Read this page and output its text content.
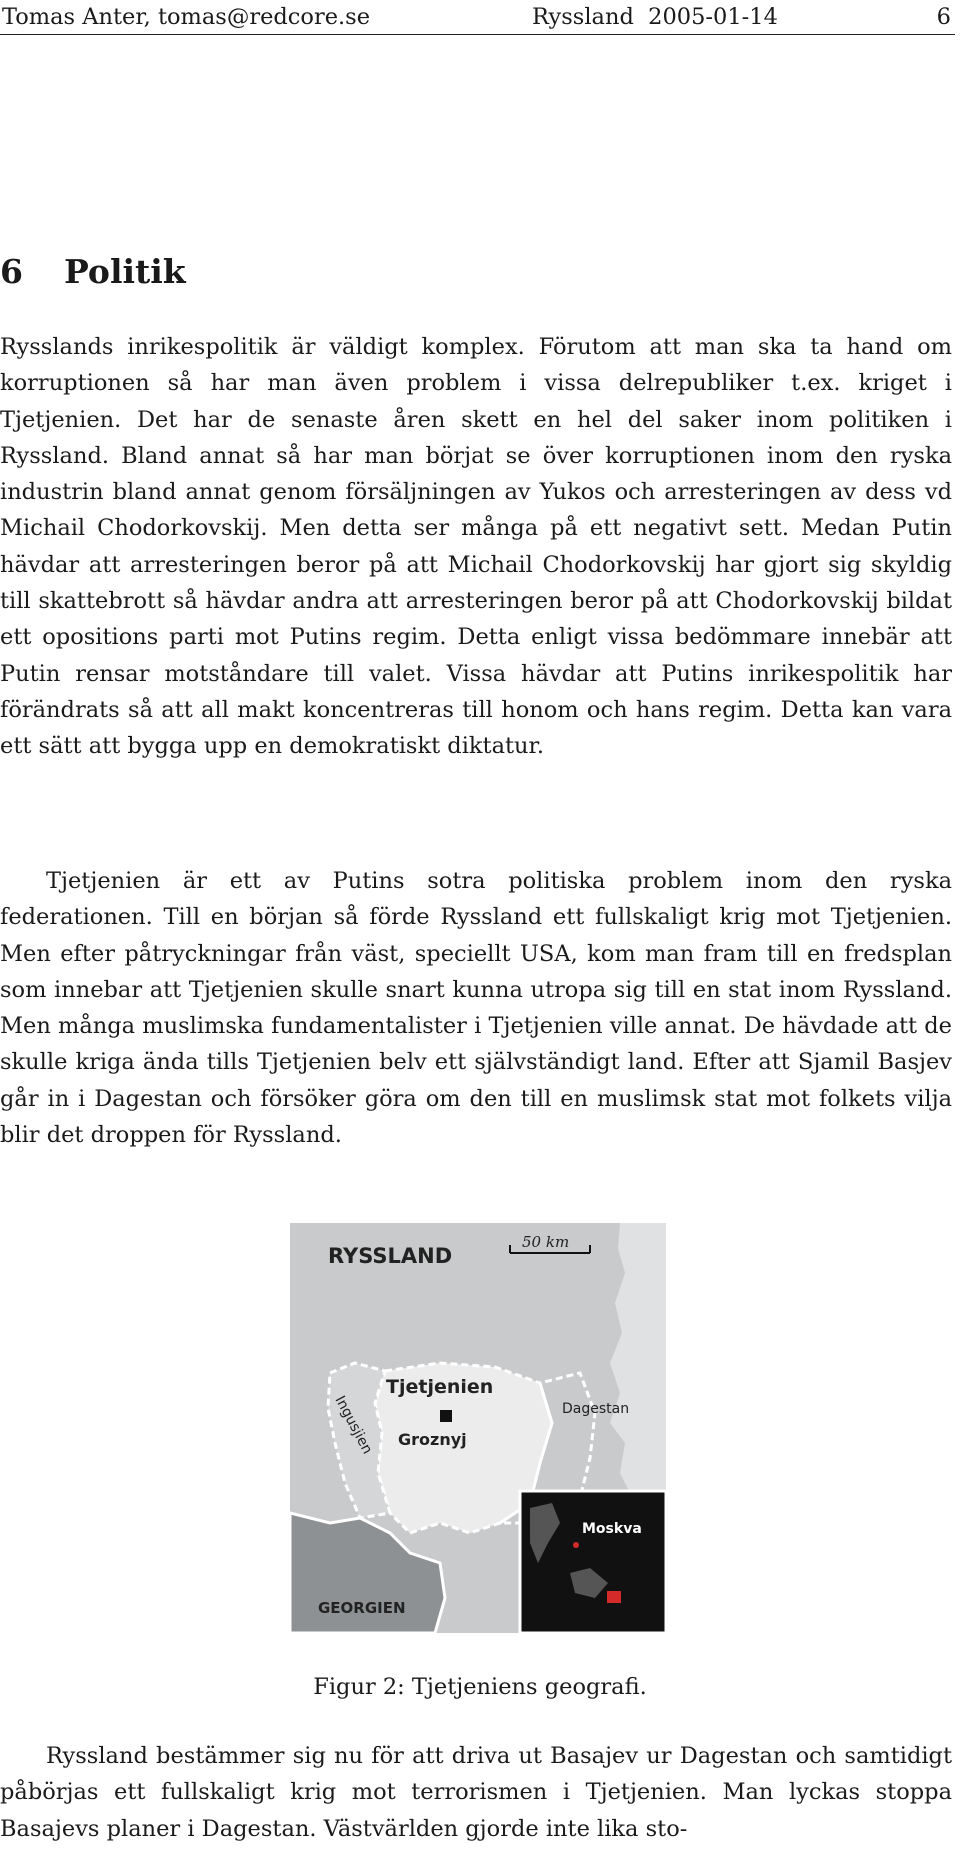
Tomas Anter, tomas@redcore.se	Ryssland 2005-01-14	6
6 Politik

Rysslands inrikespolitik är väldigt komplex. Förutom att man ska ta hand om korruptionen så har man även problem i vissa delrepubliker t.ex. kriget i Tjetjenien. Det har de senaste åren skett en hel del saker inom politiken i Ryssland. Bland annat så har man börjat se över korruptionen inom den ryska industrin bland annat genom försäljningen av Yukos och arresteringen av dess vd Michail Chodorkovskij. Men detta ser många på ett negativt sett. Medan Putin hävdar att arresteringen beror på att Michail Chodorkovskij har gjort sig skyldig till skattebrott så hävdar andra att arresteringen beror på att Chodorkovskij bildat ett opositions parti mot Putins regim. Detta enligt vissa bedömmare innebär att Putin rensar motståndare till valet. Vissa hävdar att Putins inrikespolitik har förändrats så att all makt koncentreras till honom och hans regim. Detta kan vara ett sätt att bygga upp en demokratiskt diktatur.

Tjetjenien är ett av Putins sotra politiska problem inom den ryska federationen. Till en början så förde Ryssland ett fullskaligt krig mot Tjetjenien. Men efter påtryckningar från väst, speciellt USA, kom man fram till en fredsplan som innebar att Tjetjenien skulle snart kunna utropa sig till en stat inom Ryssland. Men många muslimska fundamentalister i Tjetjenien ville annat. De hävdade att de skulle kriga ända tills Tjetjenien belv ett självständigt land. Efter att Sjamil Basjev går in i Dagestan och försöker göra om den till en muslimsk stat mot folkets vilja blir det droppen för Ryssland.

RYSSLAND
50 km
Tjetjenien
Groznyj
Dagestan
Ingusjien
GEORGIEN
Moskva
Figur 2: Tjetjeniens geografi.

Ryssland bestämmer sig nu för att driva ut Basajev ur Dagestan och samtidigt påbörjas ett fullskaligt krig mot terrorismen i Tjetjenien. Man lyckas stoppa Basajevs planer i Dagestan. Västvärlden gjorde inte lika sto-
